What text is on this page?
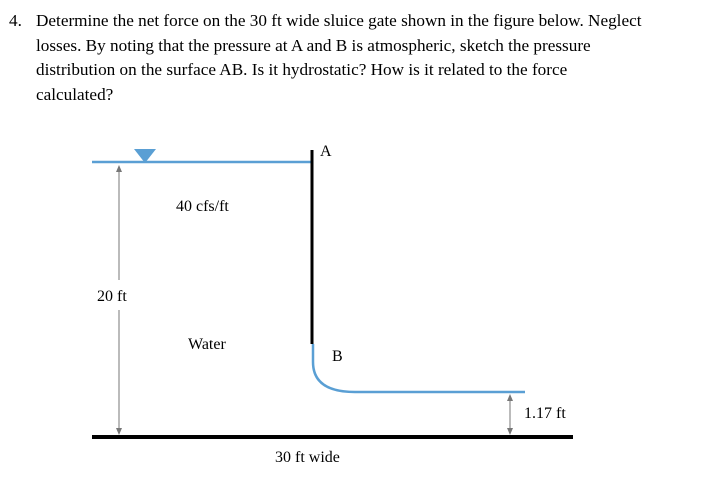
4. Determine the net force on the 30 ft wide sluice gate shown in the figure below. Neglect
losses. By noting that the pressure at A and B is atmospheric, sketch the pressure
distribution on the surface AB. Is it hydrostatic? How is it related to the force
calculated?
A
B
40 cfs/ft
20 ft
Water
1.17 ft
30 ft wide
